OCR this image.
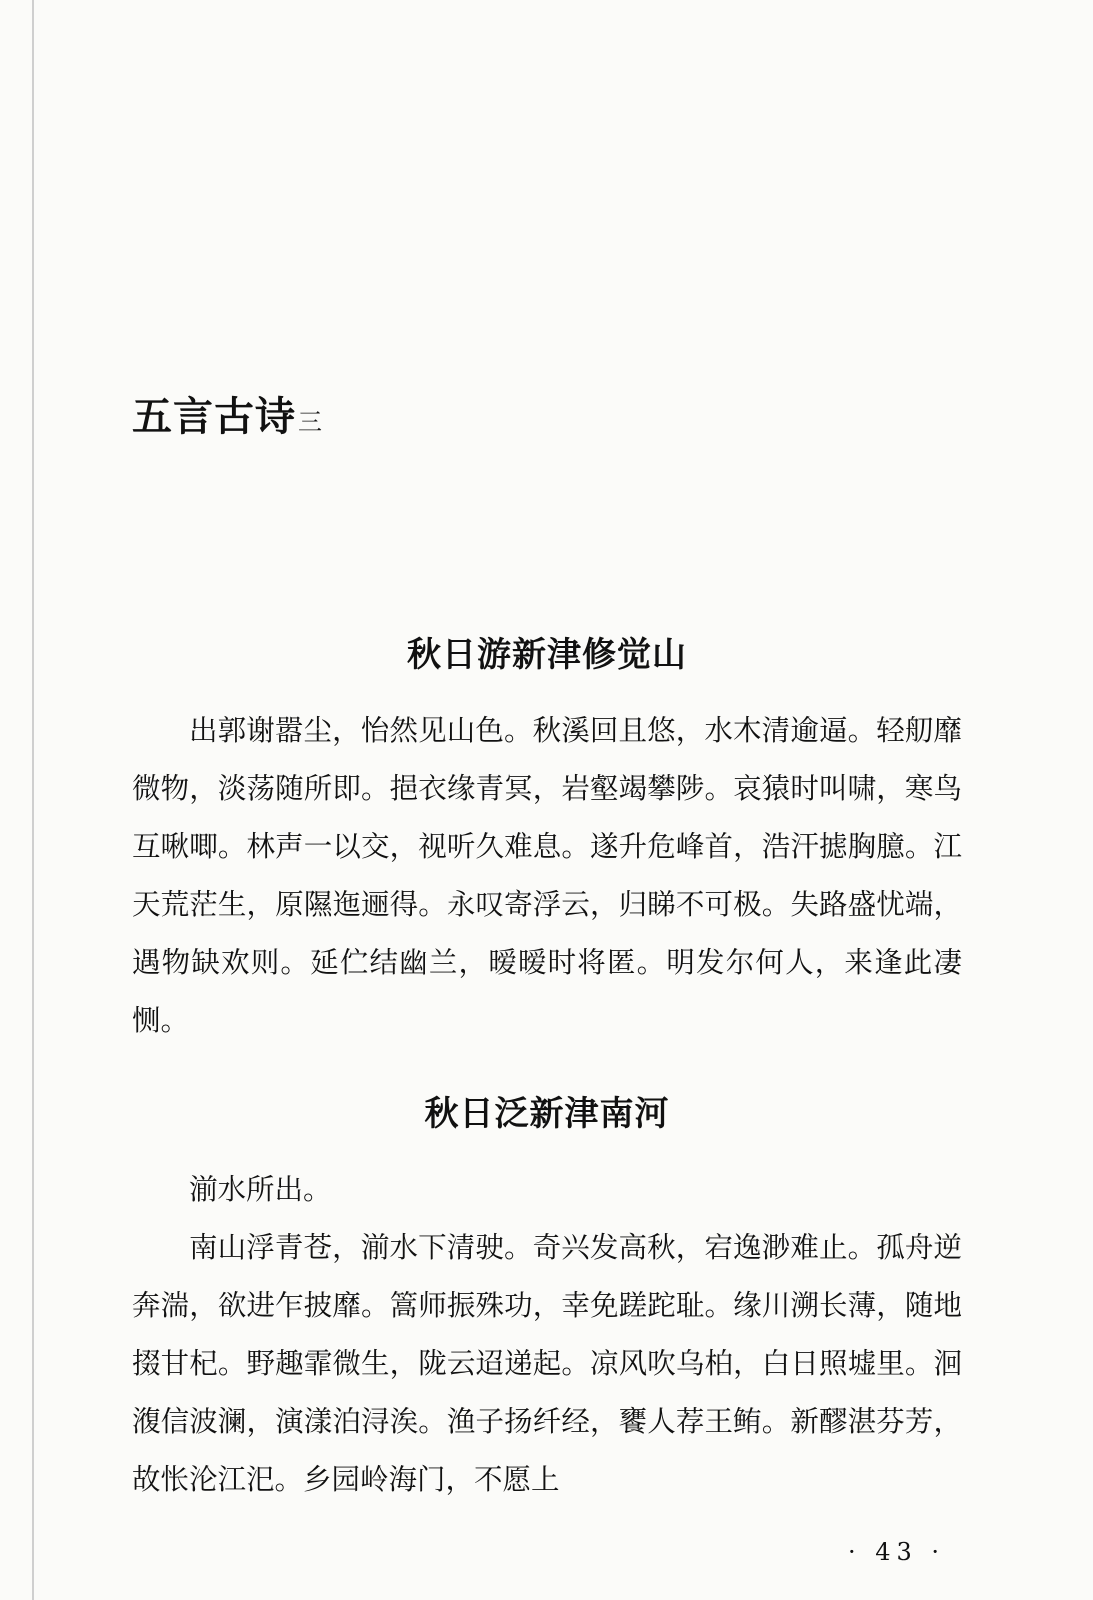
五言古诗三
秋日游新津修觉山

出郭谢嚣尘，怡然见山色。秋溪回且悠，水木清逾逼。轻舠靡微物，淡荡随所即。挹衣缘青冥，岩壑竭攀陟。哀猿时叫啸，寒鸟互啾唧。林声一以交，视听久难息。遂升危峰首，浩汗摅胸臆。江天荒茫生，原隰迤逦得。永叹寄浮云，归睇不可极。失路盛忧端，遇物缺欢则。延伫结幽兰，暧暧时将匿。明发尔何人，来逢此凄恻。

秋日泛新津南河

湔水所出。

南山浮青苍，湔水下清驶。奇兴发高秋，宕逸渺难止。孤舟逆奔湍，欲进乍披靡。篙师振殊功，幸免蹉跎耻。缘川溯长薄，随地掇甘杞。野趣霏微生，陇云迢递起。凉风吹乌柏，白日照墟里。洄澓信波澜，演漾泊浔涘。渔子扬纤经，饔人荐王鲔。新醪湛芬芳，故怅沦江汜。乡园岭海门，不愿上

· 43 ·
